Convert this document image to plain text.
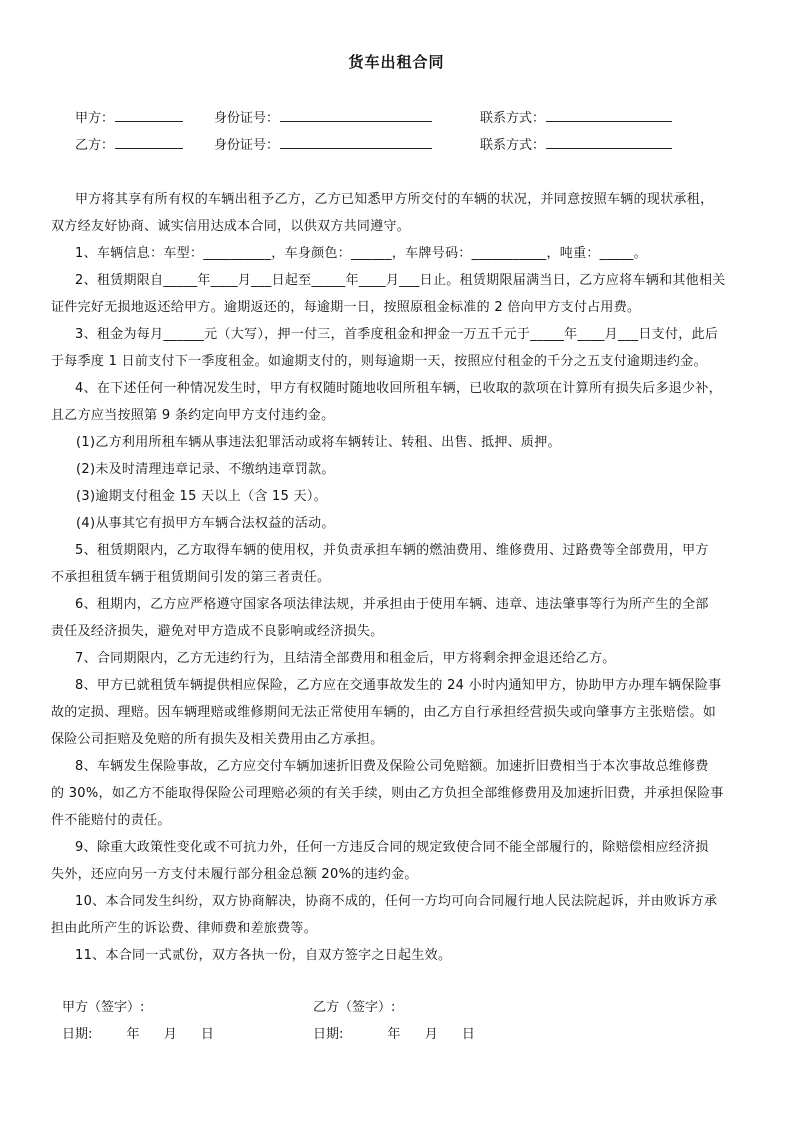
货车出租合同
甲方：	身份证号：	联系方式：
乙方：	身份证号：	联系方式：
甲方将其享有所有权的车辆出租予乙方，乙方已知悉甲方所交付的车辆的状况，并同意按照车辆的现状承租，
双方经友好协商、诚实信用达成本合同，以供双方共同遵守。
1、车辆信息：车型：__________，车身颜色：______，车牌号码：___________，吨重：_____。
2、租赁期限自_____年____月___日起至_____年____月___日止。租赁期限届满当日，乙方应将车辆和其他相关
证件完好无损地返还给甲方。逾期返还的，每逾期一日，按照原租金标准的 2 倍向甲方支付占用费。
3、租金为每月______元（大写），押一付三，首季度租金和押金一万五千元于_____年____月___日支付，此后
于每季度 1 日前支付下一季度租金。如逾期支付的，则每逾期一天，按照应付租金的千分之五支付逾期违约金。
4、在下述任何一种情况发生时，甲方有权随时随地收回所租车辆，已收取的款项在计算所有损失后多退少补，
且乙方应当按照第 9 条约定向甲方支付违约金。
(1)乙方利用所租车辆从事违法犯罪活动或将车辆转让、转租、出售、抵押、质押。
(2)未及时清理违章记录、不缴纳违章罚款。
(3)逾期支付租金 15 天以上（含 15 天）。
(4)从事其它有损甲方车辆合法权益的活动。
5、租赁期限内，乙方取得车辆的使用权，并负责承担车辆的燃油费用、维修费用、过路费等全部费用，甲方
不承担租赁车辆于租赁期间引发的第三者责任。
6、租期内，乙方应严格遵守国家各项法律法规，并承担由于使用车辆、违章、违法肇事等行为所产生的全部
责任及经济损失，避免对甲方造成不良影响或经济损失。
7、合同期限内，乙方无违约行为，且结清全部费用和租金后，甲方将剩余押金退还给乙方。
8、甲方已就租赁车辆提供相应保险，乙方应在交通事故发生的 24 小时内通知甲方，协助甲方办理车辆保险事
故的定损、理赔。因车辆理赔或维修期间无法正常使用车辆的，由乙方自行承担经营损失或向肇事方主张赔偿。如
保险公司拒赔及免赔的所有损失及相关费用由乙方承担。
8、车辆发生保险事故，乙方应交付车辆加速折旧费及保险公司免赔额。加速折旧费相当于本次事故总维修费
的 30%，如乙方不能取得保险公司理赔必须的有关手续，则由乙方负担全部维修费用及加速折旧费，并承担保险事
件不能赔付的责任。
9、除重大政策性变化或不可抗力外，任何一方违反合同的规定致使合同不能全部履行的，除赔偿相应经济损
失外，还应向另一方支付未履行部分租金总额 20%的违约金。
10、本合同发生纠纷，双方协商解决，协商不成的，任何一方均可向合同履行地人民法院起诉，并由败诉方承
担由此所产生的诉讼费、律师费和差旅费等。
11、本合同一式贰份，双方各执一份，自双方签字之日起生效。
甲方（签字）:	乙方（签字）:
日期:	年 月 日	日期:	年 月 日
